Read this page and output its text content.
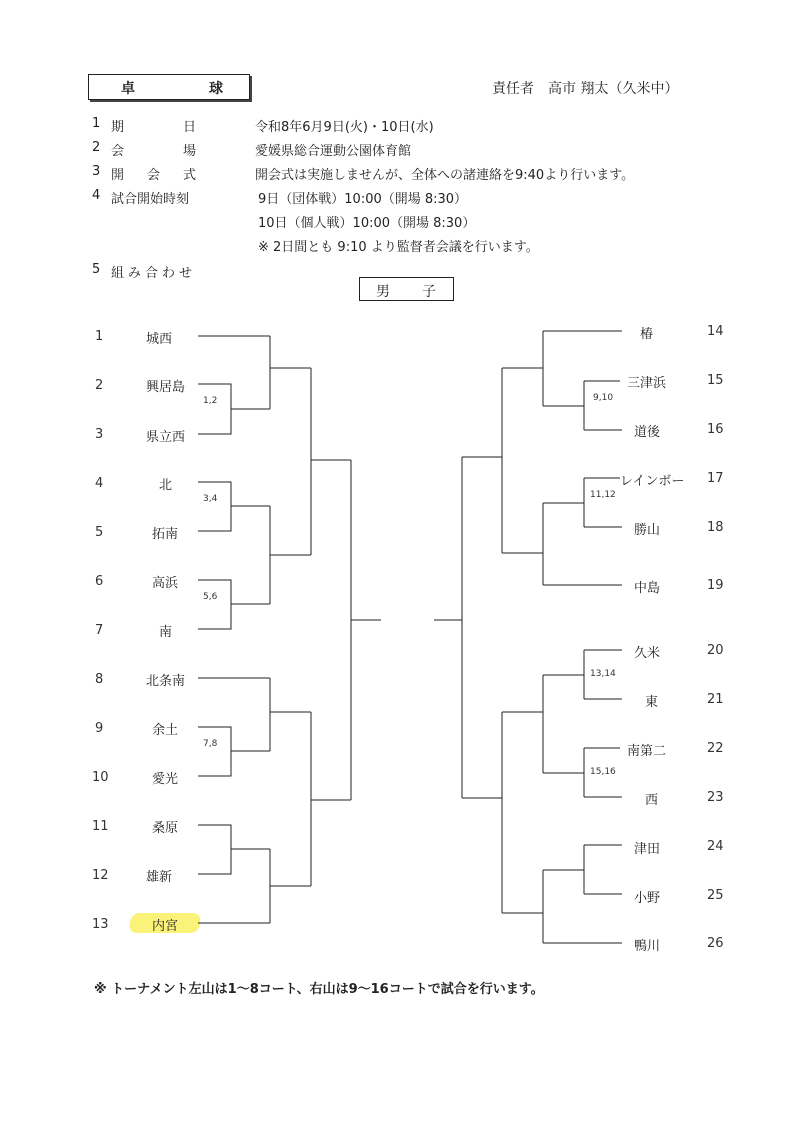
卓	球	責任者　高市 翔太（久米中）
1 期	日	令和8年6月9日(火)・10日(水)
2 会	場	愛媛県総合運動公園体育館
3 開 会 式	開会式は実施しませんが、全体への諸連絡を9:40より行います。
4 試合開始時刻	9日（団体戦）10:00（開場 8:30）
10日（個人戦）10:00（開場 8:30）
※ 2日間とも 9:10 より監督者会議を行います。
5 組み合わせ
男 子
1	城西
2	興居島
3	県立西
4	北
5	拓南
6	高浜
7	南
8	北条南
9	余土
10	愛光
11	桑原
12	雄新
13	内宮
1,2
3,4
5,6
7,8
椿	14
三津浜	15
道後	16
レインボー 17
勝山	18
中島	19
久米	20
東	21
南第二	22
西	23
津田	24
小野	25
鴨川	26
9,10
11,12
13,14
15,16
※ トーナメント左山は1～8コート、右山は9～16コートで試合を行います。
